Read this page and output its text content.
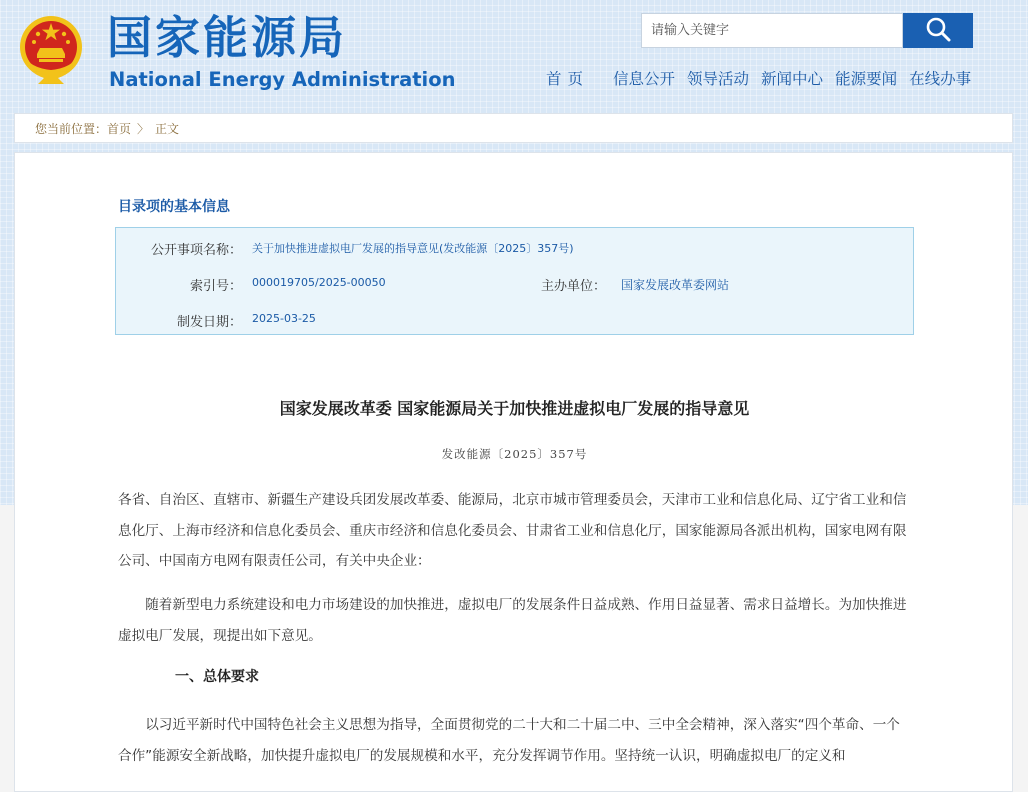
国家能源局
National Energy Administration
请输入关键字	首页	信息公开 领导活动 新闻中心 能源要闻 在线办事
您当前位置： 首页 〉 正文
目录项的基本信息
公开事项名称： 关于加快推进虚拟电厂发展的指导意见(发改能源〔2025〕357号)
索引号： 000019705/2025-00050	主办单位： 国家发展改革委网站
制发日期： 2025-03-25
国家发展改革委 国家能源局关于加快推进虚拟电厂发展的指导意见
发改能源〔2025〕357号
各省、自治区、直辖市、新疆生产建设兵团发展改革委、能源局，北京市城市管理委员会，天津市工业和信息化局、辽宁省工业和信息化厅、上海市经济和信息化委员会、重庆市经济和信息化委员会、甘肃省工业和信息化厅，国家能源局各派出机构，国家电网有限公司、中国南方电网有限责任公司，有关中央企业：
随着新型电力系统建设和电力市场建设的加快推进，虚拟电厂的发展条件日益成熟、作用日益显著、需求日益增长。为加快推进虚拟电厂发展，现提出如下意见。
一、总体要求
以习近平新时代中国特色社会主义思想为指导，全面贯彻党的二十大和二十届二中、三中全会精神，深入落实“四个革命、一个合作”能源安全新战略，加快提升虚拟电厂的发展规模和水平，充分发挥调节作用。坚持统一认识，明确虚拟电厂的定义和
